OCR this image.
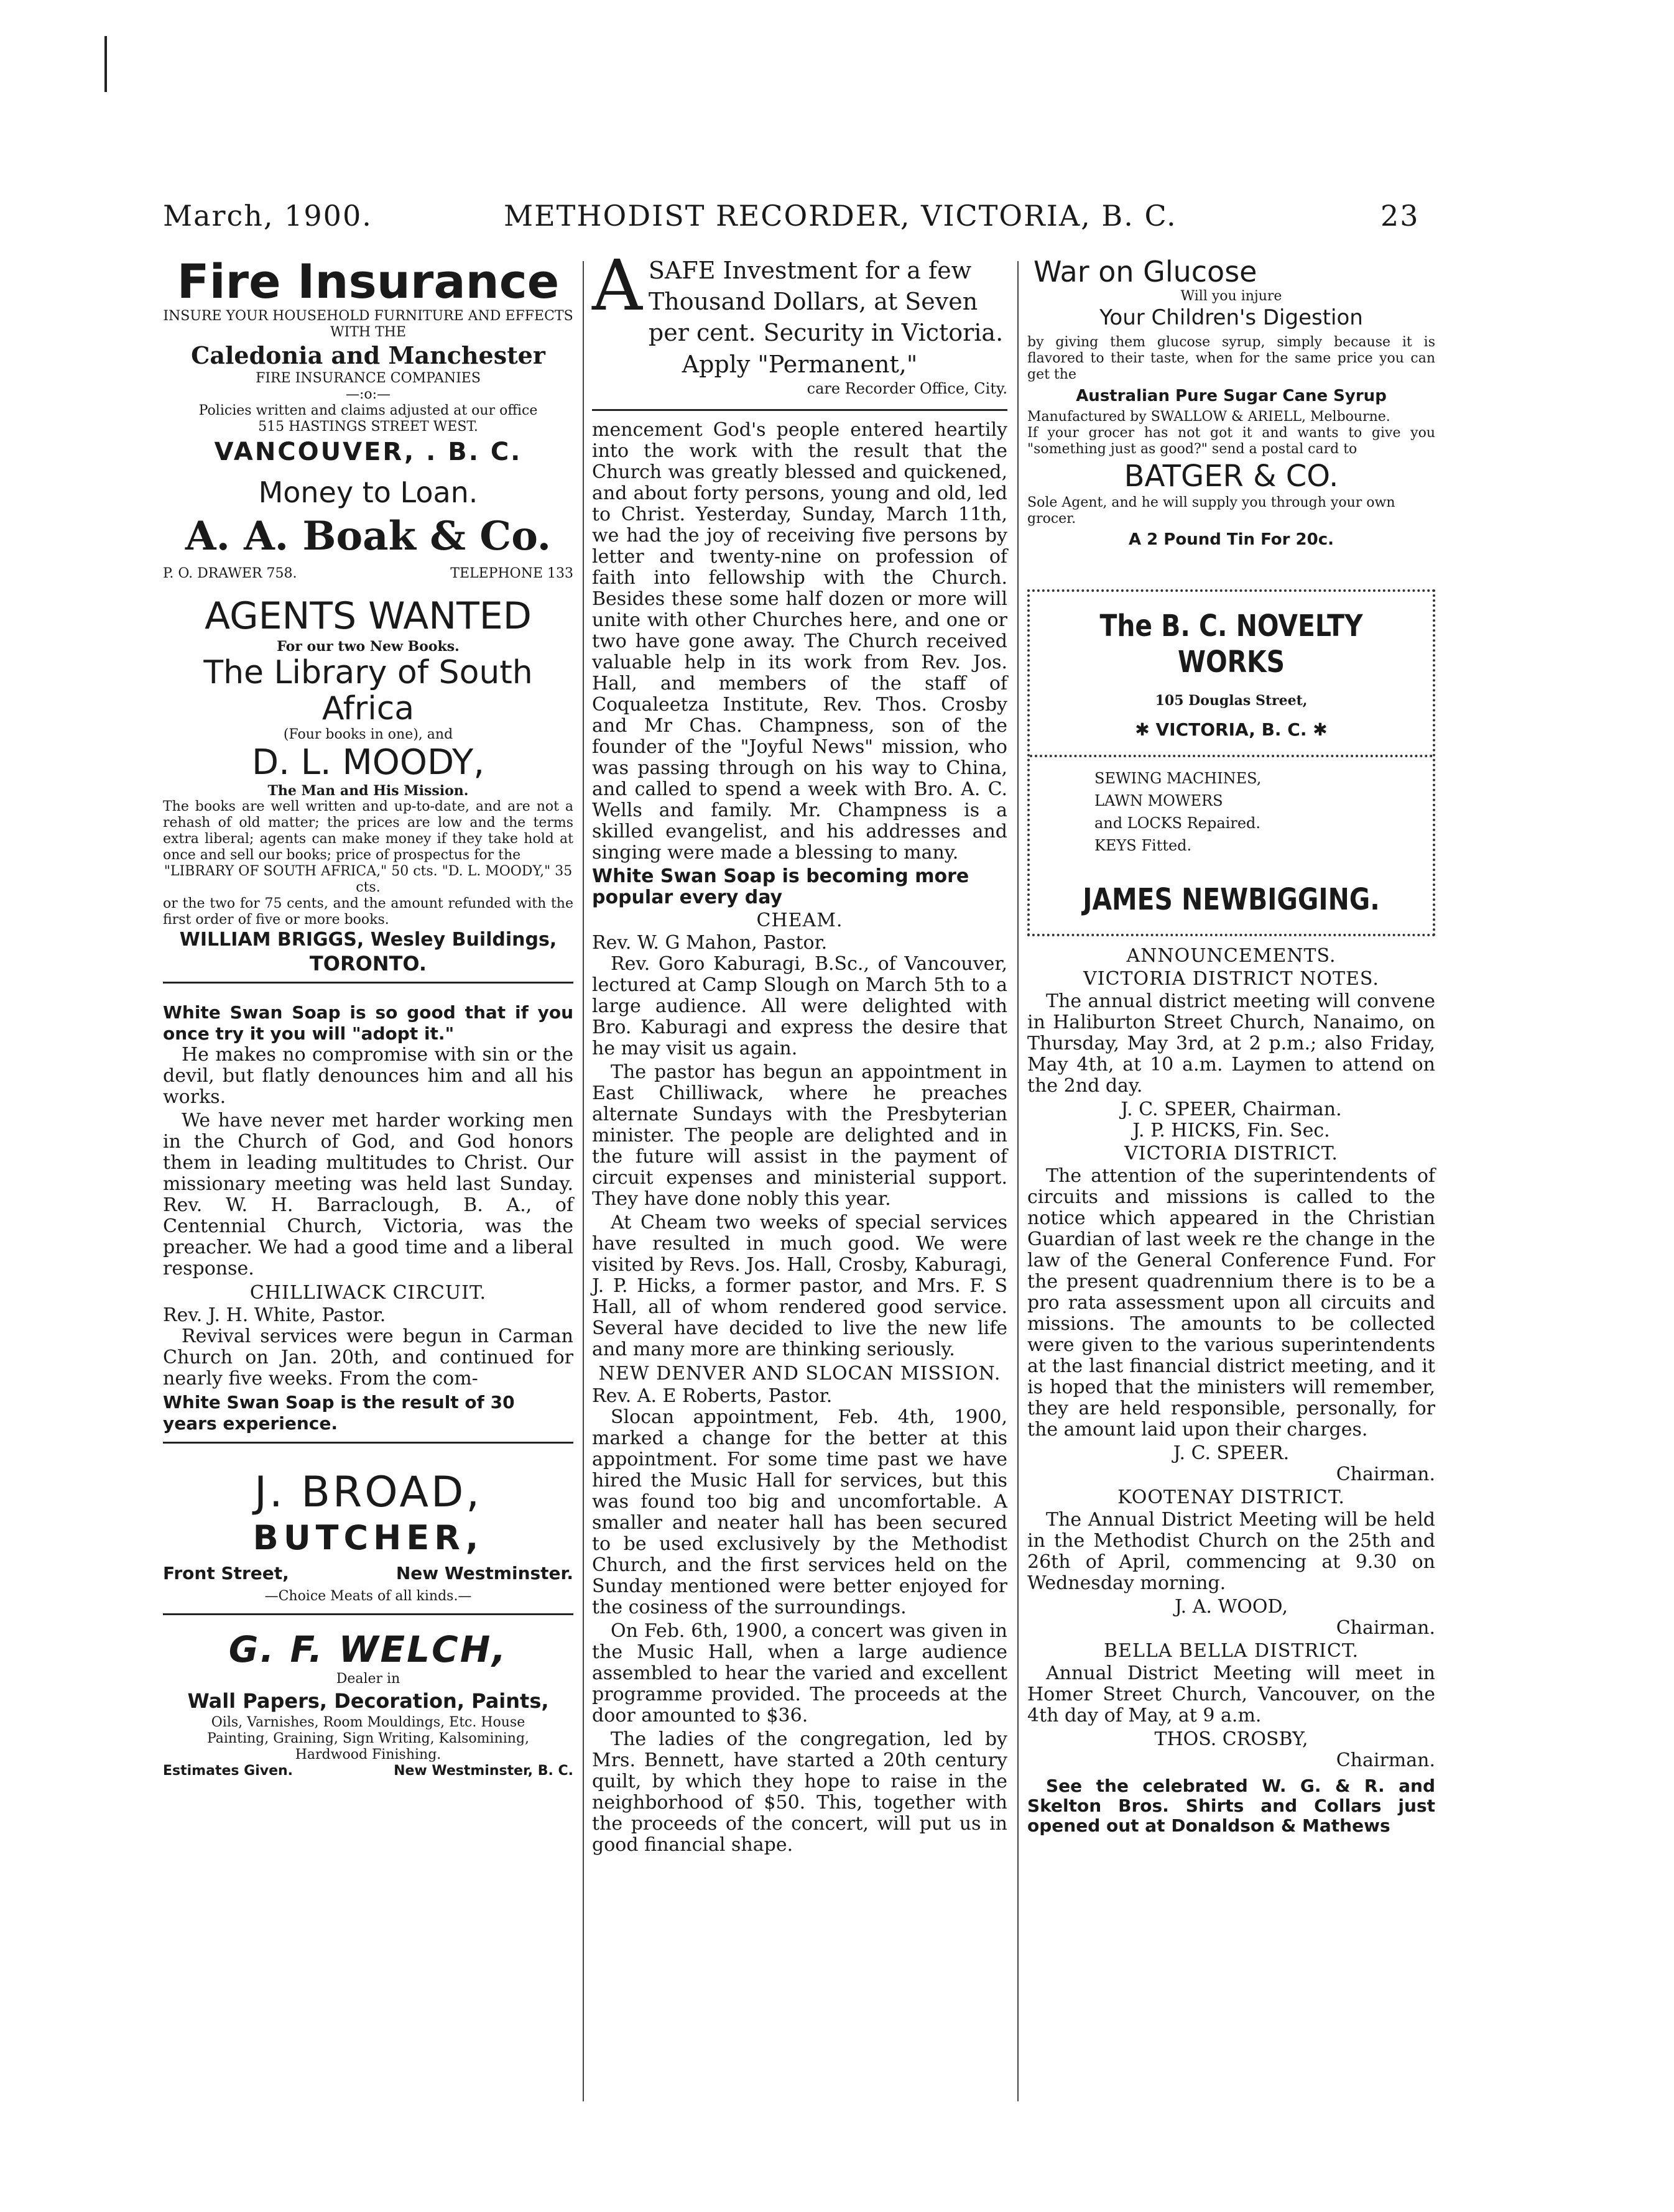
March, 1900.	METHODIST RECORDER, VICTORIA, B. C.	23
Fire Insurance
INSURE YOUR HOUSEHOLD FURNITURE AND EFFECTS
WITH THE
Caledonia and Manchester
FIRE INSURANCE COMPANIES
—:o:—
Policies written and claims adjusted at our office
515 HASTINGS STREET WEST.
VANCOUVER, . B. C.
Money to Loan.
A. A. Boak & Co.
P. O. DRAWER 758.	TELEPHONE 133
AGENTS WANTED
For our two New Books.
The Library of South Africa
(Four books in one), and
D. L. MOODY,
The Man and His Mission.
The books are well written and up-to-date, and are not a rehash of old matter; the prices are low and the terms extra liberal; agents can make money if they take hold at once and sell our books; price of prospectus for the
"LIBRARY OF SOUTH AFRICA," 50 cts. "D. L. MOODY," 35 cts.
or the two for 75 cents, and the amount refunded with the first order of five or more books.
WILLIAM BRIGGS, Wesley Buildings,
TORONTO.
White Swan Soap is so good that if you once try it you will "adopt it."

He makes no compromise with sin or the devil, but flatly denounces him and all his works.

We have never met harder working men in the Church of God, and God honors them in leading multitudes to Christ. Our missionary meeting was held last Sunday. Rev. W. H. Barraclough, B. A., of Centennial Church, Victoria, was the preacher. We had a good time and a liberal response.

CHILLIWACK CIRCUIT.
Rev. J. H. White, Pastor.

Revival services were begun in Carman Church on Jan. 20th, and continued for nearly five weeks. From the com-

White Swan Soap is the result of 30 years experience.
J. BROAD,
BUTCHER,
Front Street,	New Westminster.
—Choice Meats of all kinds.—
G. F. WELCH,
Dealer in
Wall Papers, Decoration, Paints,
Oils, Varnishes, Room Mouldings, Etc. House Painting, Graining, Sign Writing, Kalsomining, Hardwood Finishing.
Estimates Given.	New Westminster, B. C.
A SAFE Investment for a few Thousand Dollars, at Seven per cent. Security in Victoria.
Apply "Permanent,"
care Recorder Office, City.

mencement God's people entered heartily into the work with the result that the Church was greatly blessed and quickened, and about forty persons, young and old, led to Christ. Yesterday, Sunday, March 11th, we had the joy of receiving five persons by letter and twenty-nine on profession of faith into fellowship with the Church. Besides these some half dozen or more will unite with other Churches here, and one or two have gone away. The Church received valuable help in its work from Rev. Jos. Hall, and members of the staff of Coqualeetza Institute, Rev. Thos. Crosby and Mr Chas. Champness, son of the founder of the "Joyful News" mission, who was passing through on his way to China, and called to spend a week with Bro. A. C. Wells and family. Mr. Champness is a skilled evangelist, and his addresses and singing were made a blessing to many.

White Swan Soap is becoming more popular every day
CHEAM.
Rev. W. G Mahon, Pastor.

Rev. Goro Kaburagi, B.Sc., of Vancouver, lectured at Camp Slough on March 5th to a large audience. All were delighted with Bro. Kaburagi and express the desire that he may visit us again.

The pastor has begun an appointment in East Chilliwack, where he preaches alternate Sundays with the Presbyterian minister. The people are delighted and in the future will assist in the payment of circuit expenses and ministerial support. They have done nobly this year.

At Cheam two weeks of special services have resulted in much good. We were visited by Revs. Jos. Hall, Crosby, Kaburagi, J. P. Hicks, a former pastor, and Mrs. F. S Hall, all of whom rendered good service. Several have decided to live the new life and many more are thinking seriously.

NEW DENVER AND SLOCAN MISSION.
Rev. A. E Roberts, Pastor.

Slocan appointment, Feb. 4th, 1900, marked a change for the better at this appointment. For some time past we have hired the Music Hall for services, but this was found too big and uncomfortable. A smaller and neater hall has been secured to be used exclusively by the Methodist Church, and the first services held on the Sunday mentioned were better enjoyed for the cosiness of the surroundings.

On Feb. 6th, 1900, a concert was given in the Music Hall, when a large audience assembled to hear the varied and excellent programme provided. The proceeds at the door amounted to $36.

The ladies of the congregation, led by Mrs. Bennett, have started a 20th century quilt, by which they hope to raise in the neighborhood of $50. This, together with the proceeds of the concert, will put us in good financial shape.

War on Glucose
Will you injure
Your Children's Digestion
by giving them glucose syrup, simply because it is flavored to their taste, when for the same price you can get the
Australian Pure Sugar Cane Syrup
Manufactured by SWALLOW & ARIELL, Melbourne.
If your grocer has not got it and wants to give you "something just as good?" send a postal card to
BATGER & CO.
Sole Agent, and he will supply you through your own grocer.
A 2 Pound Tin For 20c.
The B. C. NOVELTY WORKS
105 Douglas Street,
✱ VICTORIA, B. C. ✱
SEWING MACHINES,
LAWN MOWERS
and LOCKS Repaired.
KEYS Fitted.
JAMES NEWBIGGING.
ANNOUNCEMENTS.
VICTORIA DISTRICT NOTES.

The annual district meeting will convene in Haliburton Street Church, Nanaimo, on Thursday, May 3rd, at 2 p.m.; also Friday, May 4th, at 10 a.m. Laymen to attend on the 2nd day.

J. C. SPEER, Chairman.
J. P. HICKS, Fin. Sec.
VICTORIA DISTRICT.

The attention of the superintendents of circuits and missions is called to the notice which appeared in the Christian Guardian of last week re the change in the law of the General Conference Fund. For the present quadrennium there is to be a pro rata assessment upon all circuits and missions. The amounts to be collected were given to the various superintendents at the last financial district meeting, and it is hoped that the ministers will remember, they are held responsible, personally, for the amount laid upon their charges.

J. C. SPEER.
Chairman.
KOOTENAY DISTRICT.

The Annual District Meeting will be held in the Methodist Church on the 25th and 26th of April, commencing at 9.30 on Wednesday morning.

J. A. WOOD,
Chairman.
BELLA BELLA DISTRICT.

Annual District Meeting will meet in Homer Street Church, Vancouver, on the 4th day of May, at 9 a.m.

THOS. CROSBY,
Chairman.

See the celebrated W. G. & R. and Skelton Bros. Shirts and Collars just opened out at Donaldson & Mathews
